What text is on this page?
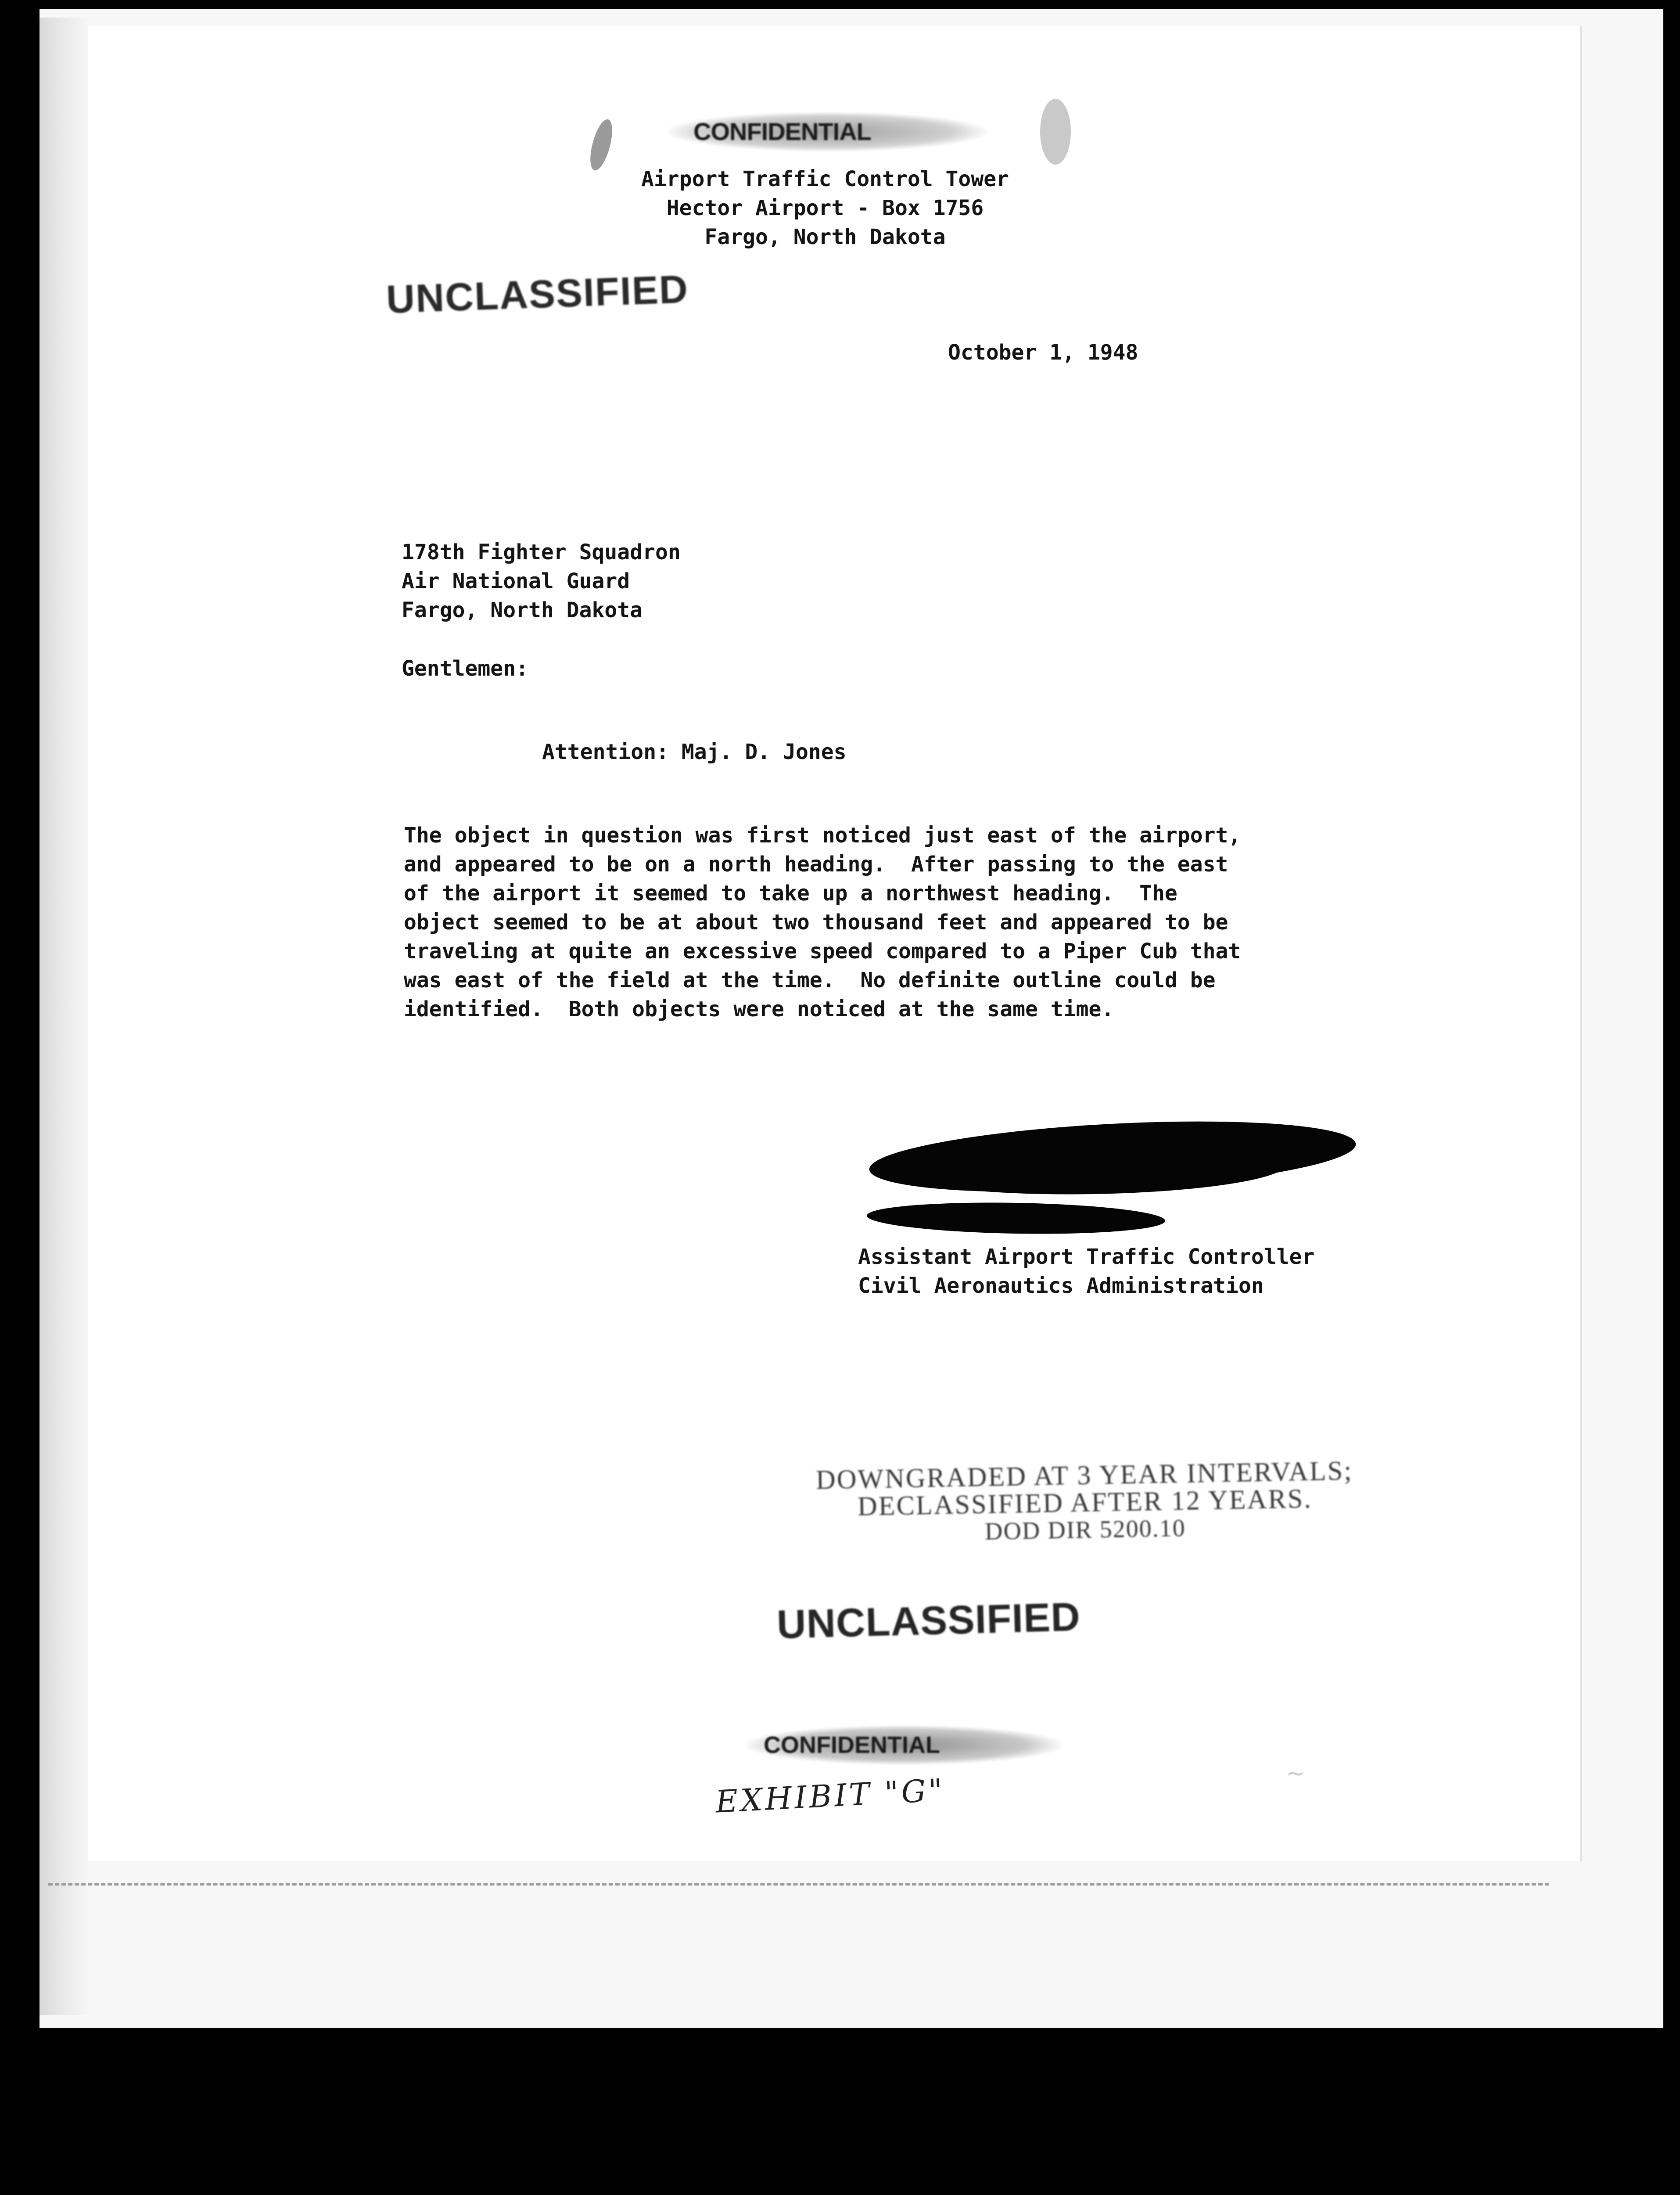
CONFIDENTIAL

Airport Traffic Control Tower

Hector Airport - Box 1756

Fargo, North Dakota

UNCLASSIFIED

October 1, 1948

178th Fighter Squadron

Air National Guard

Fargo, North Dakota

Gentlemen:

Attention: Maj. D. Jones

The object in question was first noticed just east of the airport,

and appeared to be on a north heading.  After passing to the east

of the airport it seemed to take up a northwest heading.  The

object seemed to be at about two thousand feet and appeared to be

traveling at quite an excessive speed compared to a Piper Cub that

was east of the field at the time.  No definite outline could be

identified.  Both objects were noticed at the same time.

Assistant Airport Traffic Controller

Civil Aeronautics Administration

DOWNGRADED AT 3 YEAR INTERVALS;
DECLASSIFIED AFTER 12 YEARS.
DOD DIR 5200.10
UNCLASSIFIED
CONFIDENTIAL
EXHIBIT "G"	~
